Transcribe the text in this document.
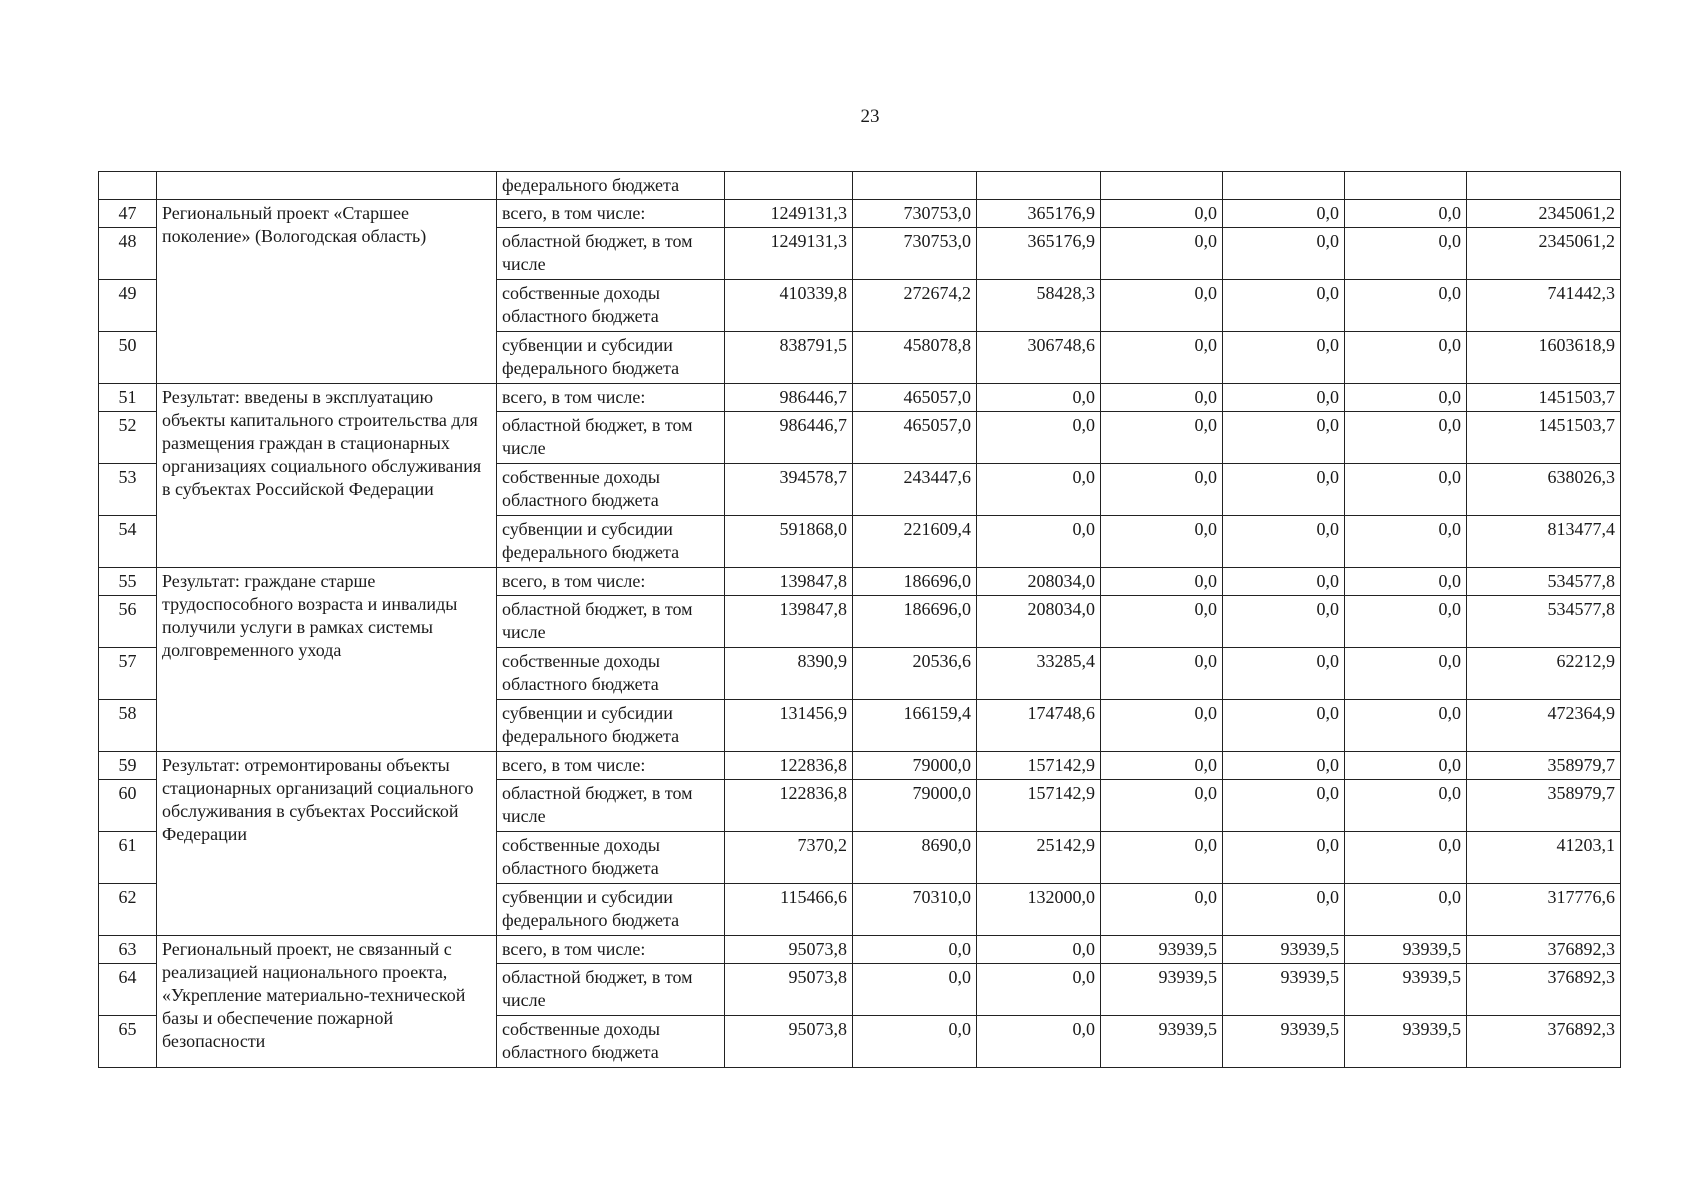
23
		федерального бюджета							
47	Региональный проект «Старшее поколение» (Вологодская область)	всего, в том числе:	1249131,3	730753,0	365176,9	0,0	0,0	0,0	2345061,2
48		областной бюджет, в том числе	1249131,3	730753,0	365176,9	0,0	0,0	0,0	2345061,2
49		собственные доходы областного бюджета	410339,8	272674,2	58428,3	0,0	0,0	0,0	741442,3
50		субвенции и субсидии федерального бюджета	838791,5	458078,8	306748,6	0,0	0,0	0,0	1603618,9
51	Результат: введены в эксплуатацию объекты капитального строительства для размещения граждан в стационарных организациях социального обслуживания в субъектах Российской Федерации	всего, в том числе:	986446,7	465057,0	0,0	0,0	0,0	0,0	1451503,7
52		областной бюджет, в том числе	986446,7	465057,0	0,0	0,0	0,0	0,0	1451503,7
53		собственные доходы областного бюджета	394578,7	243447,6	0,0	0,0	0,0	0,0	638026,3
54		субвенции и субсидии федерального бюджета	591868,0	221609,4	0,0	0,0	0,0	0,0	813477,4
55	Результат: граждане старше трудоспособного возраста и инвалиды получили услуги в рамках системы долговременного ухода	всего, в том числе:	139847,8	186696,0	208034,0	0,0	0,0	0,0	534577,8
56		областной бюджет, в том числе	139847,8	186696,0	208034,0	0,0	0,0	0,0	534577,8
57		собственные доходы областного бюджета	8390,9	20536,6	33285,4	0,0	0,0	0,0	62212,9
58		субвенции и субсидии федерального бюджета	131456,9	166159,4	174748,6	0,0	0,0	0,0	472364,9
59	Результат: отремонтированы объекты стационарных организаций социального обслуживания в субъектах Российской Федерации	всего, в том числе:	122836,8	79000,0	157142,9	0,0	0,0	0,0	358979,7
60		областной бюджет, в том числе	122836,8	79000,0	157142,9	0,0	0,0	0,0	358979,7
61		собственные доходы областного бюджета	7370,2	8690,0	25142,9	0,0	0,0	0,0	41203,1
62		субвенции и субсидии федерального бюджета	115466,6	70310,0	132000,0	0,0	0,0	0,0	317776,6
63	Региональный проект, не связанный с реализацией национального проекта, «Укрепление материально-технической базы и обеспечение пожарной безопасности	всего, в том числе:	95073,8	0,0	0,0	93939,5	93939,5	93939,5	376892,3
64		областной бюджет, в том числе	95073,8	0,0	0,0	93939,5	93939,5	93939,5	376892,3
65		собственные доходы областного бюджета	95073,8	0,0	0,0	93939,5	93939,5	93939,5	376892,3
